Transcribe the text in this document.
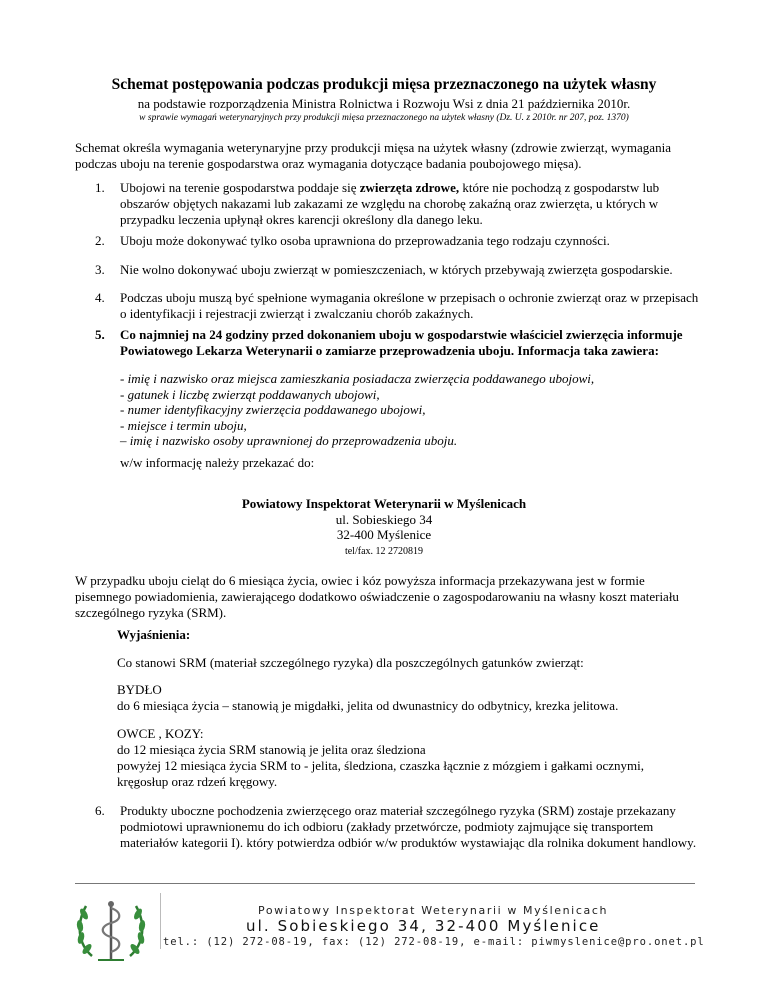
Schemat postępowania podczas produkcji mięsa przeznaczonego na użytek własny
na podstawie rozporządzenia Ministra Rolnictwa i Rozwoju Wsi z dnia 21 października 2010r.
w sprawie wymagań weterynaryjnych przy produkcji mięsa przeznaczonego na użytek własny (Dz. U. z 2010r. nr 207, poz. 1370)
Schemat określa wymagania weterynaryjne przy produkcji mięsa na użytek własny (zdrowie zwierząt, wymagania podczas uboju na terenie gospodarstwa oraz wymagania dotyczące badania poubojowego mięsa).
1. Ubojowi na terenie gospodarstwa poddaje się zwierzęta zdrowe, które nie pochodzą z gospodarstw lub obszarów objętych nakazami lub zakazami ze względu na chorobę zakaźną oraz zwierzęta, u których w przypadku leczenia upłynął okres karencji określony dla danego leku.
2. Uboju może dokonywać tylko osoba uprawniona do przeprowadzania tego rodzaju czynności.
3. Nie wolno dokonywać uboju zwierząt w pomieszczeniach, w których przebywają zwierzęta gospodarskie.
4. Podczas uboju muszą być spełnione wymagania określone w przepisach o ochronie zwierząt oraz w przepisach o identyfikacji i rejestracji zwierząt i zwalczaniu chorób zakaźnych.
5. Co najmniej na 24 godziny przed dokonaniem uboju w gospodarstwie właściciel zwierzęcia informuje Powiatowego Lekarza Weterynarii o zamiarze przeprowadzenia uboju. Informacja taka zawiera:
- imię i nazwisko oraz miejsca zamieszkania posiadacza zwierzęcia poddawanego ubojowi,
- gatunek i liczbę zwierząt poddawanych ubojowi,
- numer identyfikacyjny zwierzęcia poddawanego ubojowi,
- miejsce i termin uboju,
– imię i nazwisko osoby uprawnionej do przeprowadzenia uboju.
w/w informację należy przekazać do:
Powiatowy Inspektorat Weterynarii w Myślenicach
ul. Sobieskiego 34
32-400 Myślenice
tel/fax. 12 2720819
W przypadku uboju cieląt do 6 miesiąca życia, owiec i kóz powyższa informacja przekazywana jest w formie pisemnego powiadomienia, zawierającego dodatkowo oświadczenie o zagospodarowaniu na własny koszt materiału szczególnego ryzyka (SRM).
Wyjaśnienia:
Co stanowi SRM (materiał szczególnego ryzyka) dla poszczególnych gatunków zwierząt:
BYDŁO
do 6 miesiąca życia – stanowią je migdałki, jelita od dwunastnicy do odbytnicy, krezka jelitowa.
OWCE , KOZY:
do 12 miesiąca życia SRM stanowią je jelita oraz śledziona
powyżej 12 miesiąca życia SRM to - jelita, śledziona, czaszka łącznie z mózgiem i gałkami ocznymi, kręgosłup oraz rdzeń kręgowy.
6. Produkty uboczne pochodzenia zwierzęcego oraz materiał szczególnego ryzyka (SRM) zostaje przekazany podmiotowi uprawnionemu do ich odbioru (zakłady przetwórcze, podmioty zajmujące się transportem materiałów kategorii I). który potwierdza odbiór w/w produktów wystawiając dla rolnika dokument handlowy.
Powiatowy Inspektorat Weterynarii w Myślenicach
ul. Sobieskiego 34, 32-400 Myślenice
tel.: (12) 272-08-19, fax: (12) 272-08-19, e-mail: piwmyslenice@pro.onet.pl
